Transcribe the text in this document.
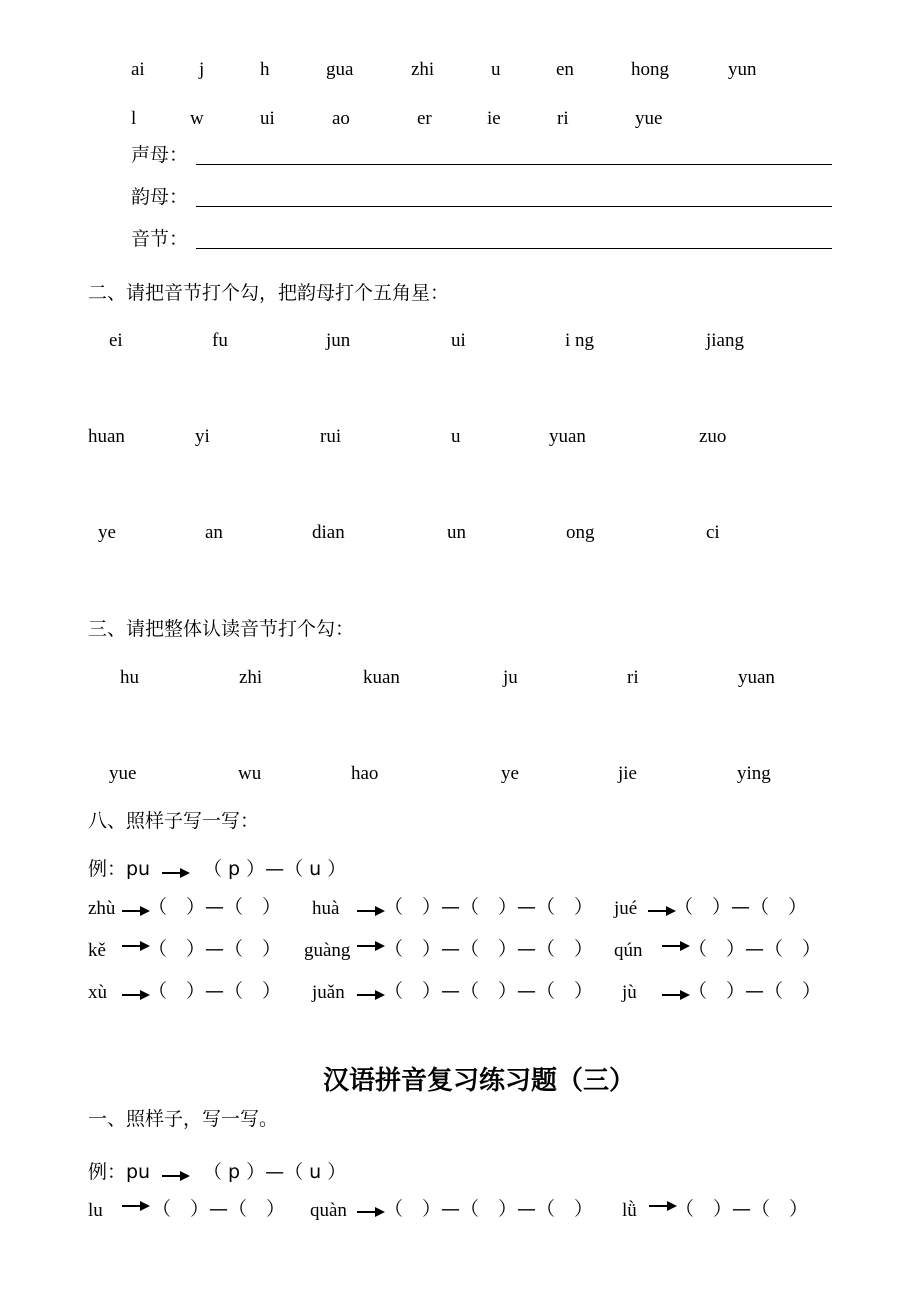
ai	j	h	gua	zhi	u	en	hong	yun
l	w	ui	ao	er	ie	ri	yue
声母：
韵母：
音节：
二、请把音节打个勾，把韵母打个五角星：
ei	fu	jun	ui	i ng	jiang
huan	yi	rui	u	yuan	zuo
ye	an	dian	un	ong	ci
三、请把整体认读音节打个勾：
hu	zhi	kuan	ju	ri	yuan
yue	wu	hao	ye	jie	ying
八、照样子写一写：
例：pu	（ p ）—（ u ）
zhù （　）—（　） huà （　）—（　）—（　） jué （　）—（　）
kě （　）—（　） guàng （　）—（　）—（　） qún （　）—（　）
xù （　）—（　） juǎn （　）—（　）—（　） jù	（　）—（　）
汉语拼音复习练习题（三）
一、照样子，写一写。
例：pu	（ p ）—（ u ）
lu	（　）—（　） quàn （　）—（　）—（　） lǜ （　）—（　）
